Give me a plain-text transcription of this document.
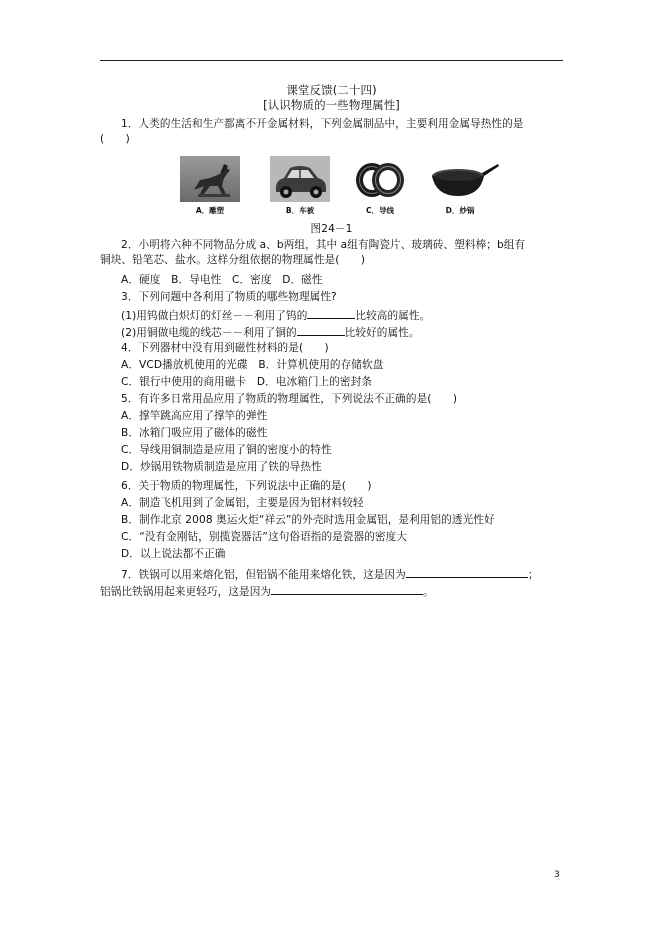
课堂反馈(二十四)
[认识物质的一些物理属性]
1．人类的生活和生产都离不开金属材料，下列金属制品中，主要利用金属导热性的是
(　　)
A．雕塑	B．车被	C．导线	D．炒锅
图24－1
2．小明将六种不同物品分成 a、b两组，其中 a组有陶瓷片、玻璃砖、塑料棒；b组有
铜块、铅笔芯、盐水。这样分组依据的物理属性是(　　)
A．硬度　B．导电性　C．密度　D．磁性
3．下列问题中各利用了物质的哪些物理属性?
(1)用钨做白炽灯的灯丝－－利用了钨的	比较高的属性。
(2)用铜做电缆的线芯－－利用了铜的	比较好的属性。
4．下列器材中没有用到磁性材料的是(　　)
A．VCD播放机使用的光碟　B．计算机使用的存储软盘
C．银行中使用的商用磁卡　D．电冰箱门上的密封条
5．有许多日常用品应用了物质的物理属性，下列说法不正确的是(　　)
A．撑竿跳高应用了撑竿的弹性
B．冰箱门吸应用了磁体的磁性
C．导线用铜制造是应用了铜的密度小的特性
D．炒锅用铁物质制造是应用了铁的导热性
6．关于物质的物理属性，下列说法中正确的是(　　)
A．制造飞机用到了金属铝，主要是因为铝材料较轻
B．制作北京 2008 奥运火炬“祥云”的外壳时选用金属铝，是利用铝的透光性好
C．“没有金刚钻，别揽瓷器活”这句俗语指的是瓷器的密度大
D．以上说法都不正确
7．铁锅可以用来熔化铝，但铝锅不能用来熔化铁，这是因为	；
铝锅比铁锅用起来更轻巧，这是因为	。
3
